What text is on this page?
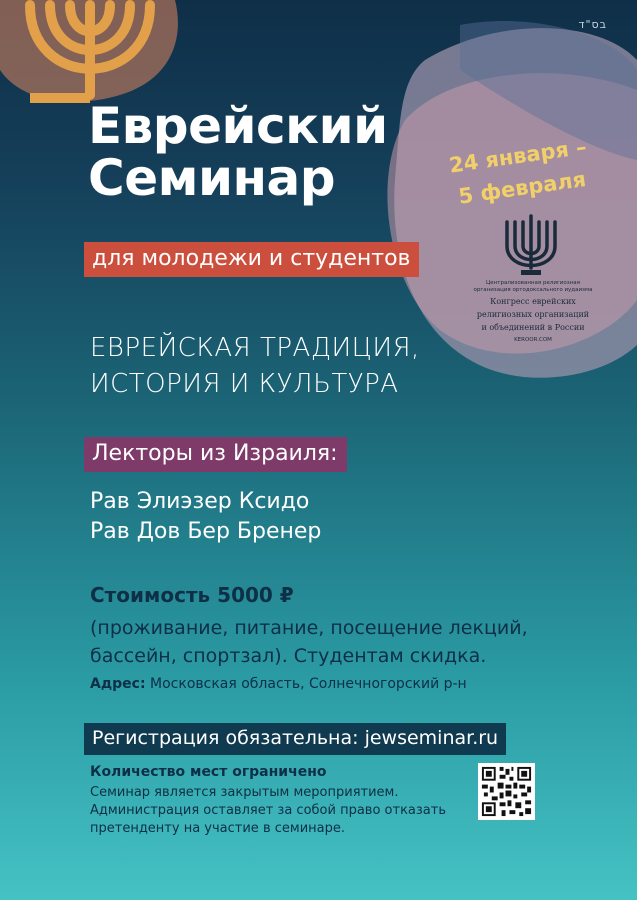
בס"ד
Еврейский
Семинар
для молодежи и студентов
24 января –
5 февраля
Централизованная религиозная
организация ортодоксального иудаизма
Конгресс еврейских
религиозных организаций
и объединений в России
KEROOR.COM
ЕВРЕЙСКАЯ ТРАДИЦИЯ,
ИСТОРИЯ И КУЛЬТУРА
Лекторы из Израиля:
Рав Элиэзер Ксидо
Рав Дов Бер Бренер
Стоимость 5000 ₽
(проживание, питание, посещение лекций,
бассейн, спортзал). Студентам скидка.
Адрес: Московская область, Солнечногорский р-н
Регистрация обязательна: jewseminar.ru
Количество мест ограничено
Семинар является закрытым мероприятием.
Администрация оставляет за собой право отказать
претенденту на участие в семинаре.
